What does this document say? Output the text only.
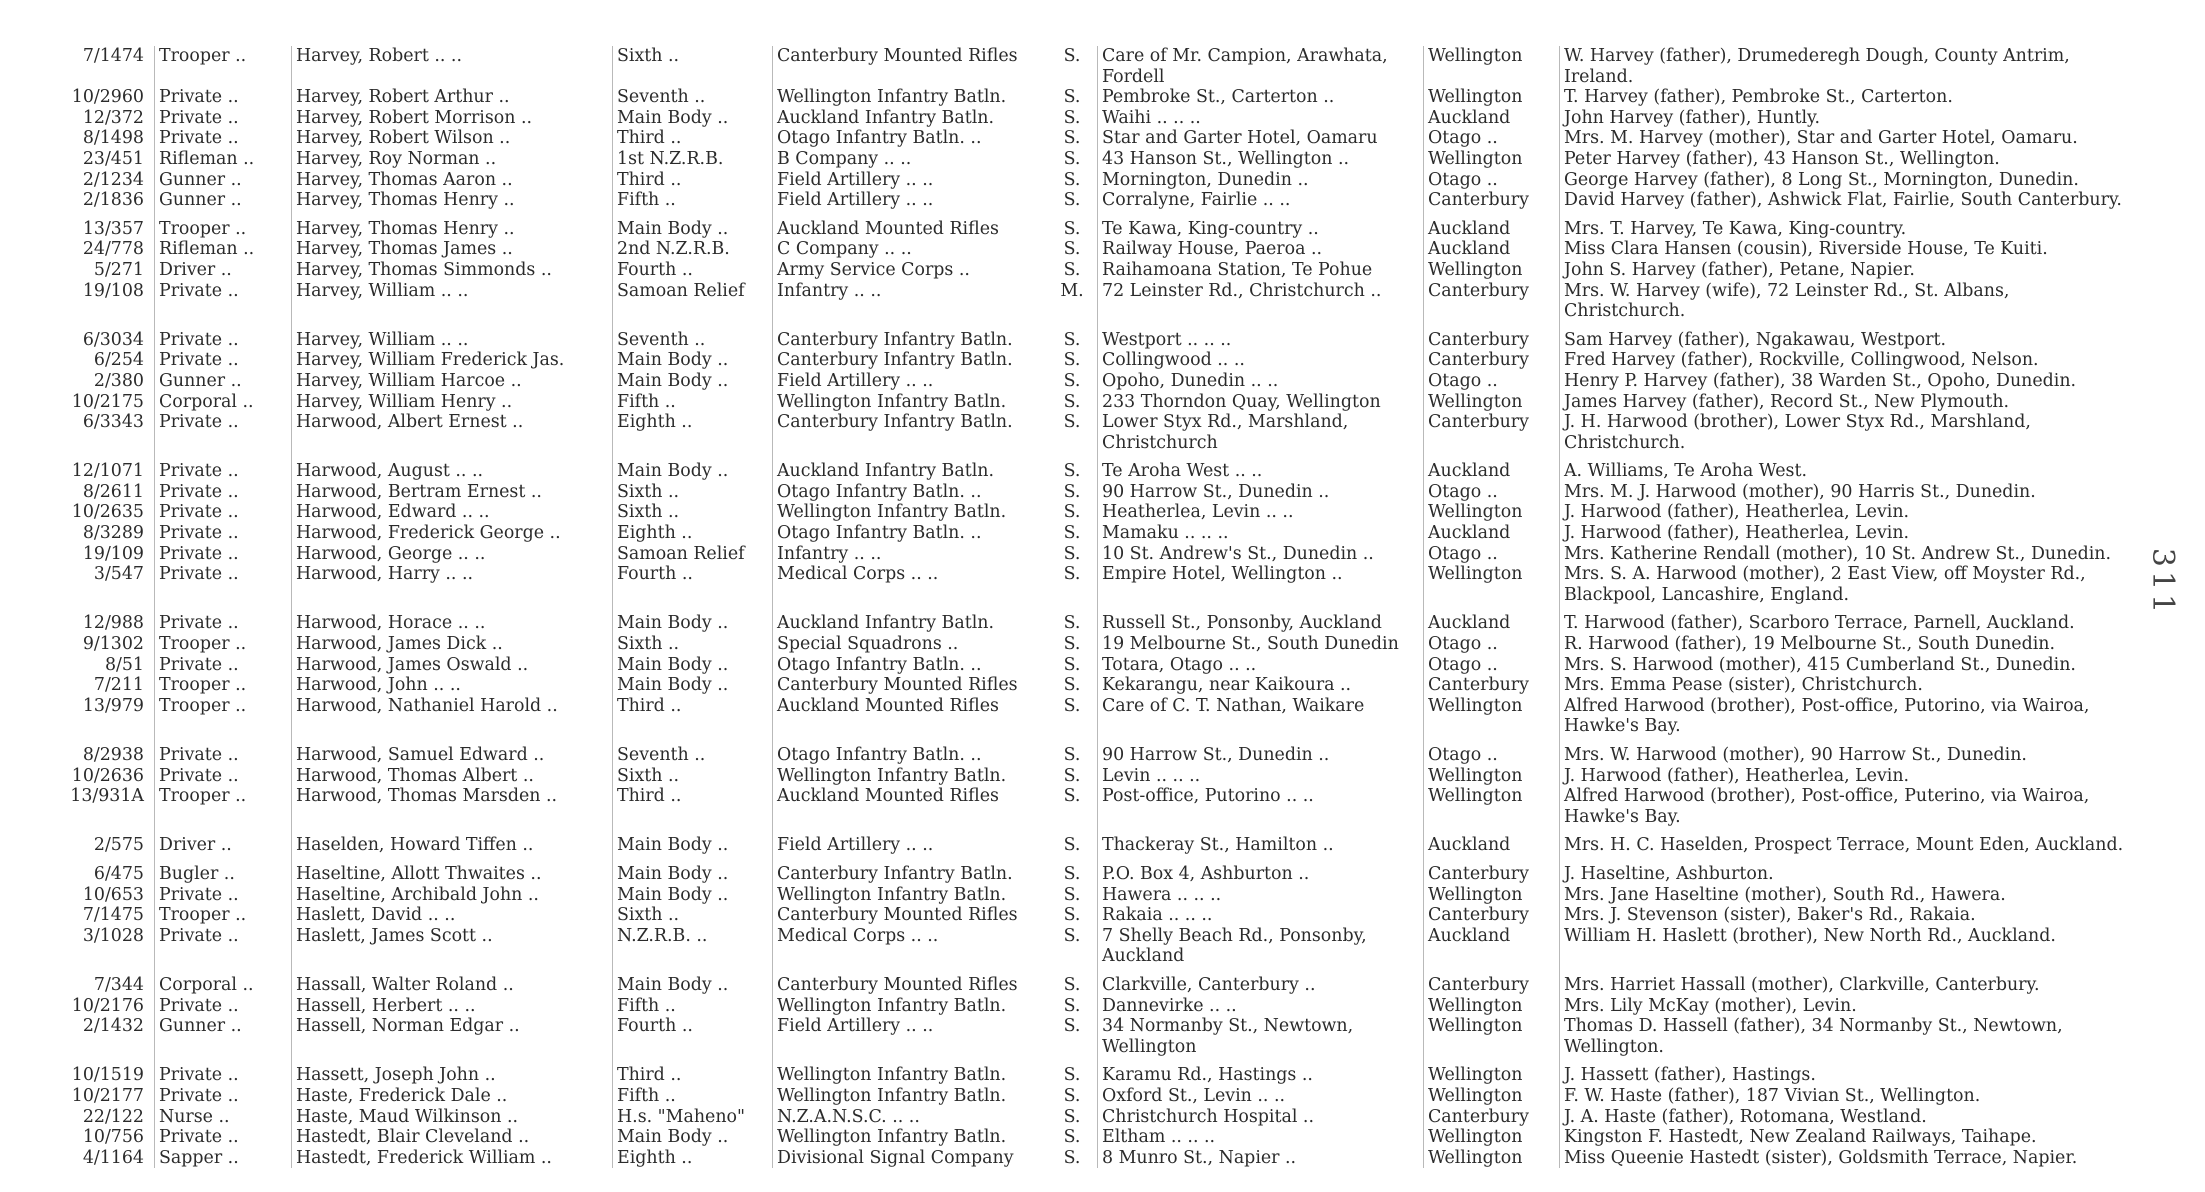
7/1474	Trooper ..	Harvey, Robert .. ..	Sixth ..	Canterbury Mounted Rifles	S.	Care of Mr. Campion, Arawhata, Fordell	Wellington	W. Harvey (father), Drumederegh Dough, County Antrim, Ireland.
10/2960	Private ..	Harvey, Robert Arthur ..	Seventh ..	Wellington Infantry Batln.	S.	Pembroke St., Carterton ..	Wellington	T. Harvey (father), Pembroke St., Carterton.
12/372	Private ..	Harvey, Robert Morrison ..	Main Body ..	Auckland Infantry Batln.	S.	Waihi .. .. ..	Auckland	John Harvey (father), Huntly.
8/1498	Private ..	Harvey, Robert Wilson ..	Third ..	Otago Infantry Batln. ..	S.	Star and Garter Hotel, Oamaru	Otago ..	Mrs. M. Harvey (mother), Star and Garter Hotel, Oamaru.
23/451	Rifleman ..	Harvey, Roy Norman ..	1st N.Z.R.B.	B Company .. ..	S.	43 Hanson St., Wellington ..	Wellington	Peter Harvey (father), 43 Hanson St., Wellington.
2/1234	Gunner ..	Harvey, Thomas Aaron ..	Third ..	Field Artillery .. ..	S.	Mornington, Dunedin ..	Otago ..	George Harvey (father), 8 Long St., Mornington, Dunedin.
2/1836	Gunner ..	Harvey, Thomas Henry ..	Fifth ..	Field Artillery .. ..	S.	Corralyne, Fairlie .. ..	Canterbury	David Harvey (father), Ashwick Flat, Fairlie, South Canterbury.
13/357	Trooper ..	Harvey, Thomas Henry ..	Main Body ..	Auckland Mounted Rifles	S.	Te Kawa, King-country ..	Auckland	Mrs. T. Harvey, Te Kawa, King-country.
24/778	Rifleman ..	Harvey, Thomas James ..	2nd N.Z.R.B.	C Company .. ..	S.	Railway House, Paeroa ..	Auckland	Miss Clara Hansen (cousin), Riverside House, Te Kuiti.
5/271	Driver ..	Harvey, Thomas Simmonds ..	Fourth ..	Army Service Corps ..	S.	Raihamoana Station, Te Pohue	Wellington	John S. Harvey (father), Petane, Napier.
19/108	Private ..	Harvey, William .. ..	Samoan Relief	Infantry .. ..	M.	72 Leinster Rd., Christchurch ..	Canterbury	Mrs. W. Harvey (wife), 72 Leinster Rd., St. Albans, Christchurch.
6/3034	Private ..	Harvey, William .. ..	Seventh ..	Canterbury Infantry Batln.	S.	Westport .. .. ..	Canterbury	Sam Harvey (father), Ngakawau, Westport.
6/254	Private ..	Harvey, William Frederick Jas.	Main Body ..	Canterbury Infantry Batln.	S.	Collingwood .. ..	Canterbury	Fred Harvey (father), Rockville, Collingwood, Nelson.
2/380	Gunner ..	Harvey, William Harcoe ..	Main Body ..	Field Artillery .. ..	S.	Opoho, Dunedin .. ..	Otago ..	Henry P. Harvey (father), 38 Warden St., Opoho, Dunedin.
10/2175	Corporal ..	Harvey, William Henry ..	Fifth ..	Wellington Infantry Batln.	S.	233 Thorndon Quay, Wellington	Wellington	James Harvey (father), Record St., New Plymouth.
6/3343	Private ..	Harwood, Albert Ernest ..	Eighth ..	Canterbury Infantry Batln.	S.	Lower Styx Rd., Marshland, Christchurch	Canterbury	J. H. Harwood (brother), Lower Styx Rd., Marshland, Christchurch.
12/1071	Private ..	Harwood, August .. ..	Main Body ..	Auckland Infantry Batln.	S.	Te Aroha West .. ..	Auckland	A. Williams, Te Aroha West.
8/2611	Private ..	Harwood, Bertram Ernest ..	Sixth ..	Otago Infantry Batln. ..	S.	90 Harrow St., Dunedin ..	Otago ..	Mrs. M. J. Harwood (mother), 90 Harris St., Dunedin.
10/2635	Private ..	Harwood, Edward .. ..	Sixth ..	Wellington Infantry Batln.	S.	Heatherlea, Levin .. ..	Wellington	J. Harwood (father), Heatherlea, Levin.
8/3289	Private ..	Harwood, Frederick George ..	Eighth ..	Otago Infantry Batln. ..	S.	Mamaku .. .. ..	Auckland	J. Harwood (father), Heatherlea, Levin.
19/109	Private ..	Harwood, George .. ..	Samoan Relief	Infantry .. ..	S.	10 St. Andrew's St., Dunedin ..	Otago ..	Mrs. Katherine Rendall (mother), 10 St. Andrew St., Dunedin.
3/547	Private ..	Harwood, Harry .. ..	Fourth ..	Medical Corps .. ..	S.	Empire Hotel, Wellington ..	Wellington	Mrs. S. A. Harwood (mother), 2 East View, off Moyster Rd., Blackpool, Lancashire, England.
12/988	Private ..	Harwood, Horace .. ..	Main Body ..	Auckland Infantry Batln.	S.	Russell St., Ponsonby, Auckland	Auckland	T. Harwood (father), Scarboro Terrace, Parnell, Auckland.
9/1302	Trooper ..	Harwood, James Dick ..	Sixth ..	Special Squadrons ..	S.	19 Melbourne St., South Dunedin	Otago ..	R. Harwood (father), 19 Melbourne St., South Dunedin.
8/51	Private ..	Harwood, James Oswald ..	Main Body ..	Otago Infantry Batln. ..	S.	Totara, Otago .. ..	Otago ..	Mrs. S. Harwood (mother), 415 Cumberland St., Dunedin.
7/211	Trooper ..	Harwood, John .. ..	Main Body ..	Canterbury Mounted Rifles	S.	Kekarangu, near Kaikoura ..	Canterbury	Mrs. Emma Pease (sister), Christchurch.
13/979	Trooper ..	Harwood, Nathaniel Harold ..	Third ..	Auckland Mounted Rifles	S.	Care of C. T. Nathan, Waikare	Wellington	Alfred Harwood (brother), Post-office, Putorino, via Wairoa, Hawke's Bay.
8/2938	Private ..	Harwood, Samuel Edward ..	Seventh ..	Otago Infantry Batln. ..	S.	90 Harrow St., Dunedin ..	Otago ..	Mrs. W. Harwood (mother), 90 Harrow St., Dunedin.
10/2636	Private ..	Harwood, Thomas Albert ..	Sixth ..	Wellington Infantry Batln.	S.	Levin .. .. ..	Wellington	J. Harwood (father), Heatherlea, Levin.
13/931A	Trooper ..	Harwood, Thomas Marsden ..	Third ..	Auckland Mounted Rifles	S.	Post-office, Putorino .. ..	Wellington	Alfred Harwood (brother), Post-office, Puterino, via Wairoa, Hawke's Bay.
2/575	Driver ..	Haselden, Howard Tiffen ..	Main Body ..	Field Artillery .. ..	S.	Thackeray St., Hamilton ..	Auckland	Mrs. H. C. Haselden, Prospect Terrace, Mount Eden, Auckland.
6/475	Bugler ..	Haseltine, Allott Thwaites ..	Main Body ..	Canterbury Infantry Batln.	S.	P.O. Box 4, Ashburton ..	Canterbury	J. Haseltine, Ashburton.
10/653	Private ..	Haseltine, Archibald John ..	Main Body ..	Wellington Infantry Batln.	S.	Hawera .. .. ..	Wellington	Mrs. Jane Haseltine (mother), South Rd., Hawera.
7/1475	Trooper ..	Haslett, David .. ..	Sixth ..	Canterbury Mounted Rifles	S.	Rakaia .. .. ..	Canterbury	Mrs. J. Stevenson (sister), Baker's Rd., Rakaia.
3/1028	Private ..	Haslett, James Scott ..	N.Z.R.B. ..	Medical Corps .. ..	S.	7 Shelly Beach Rd., Ponsonby, Auckland	Auckland	William H. Haslett (brother), New North Rd., Auckland.
7/344	Corporal ..	Hassall, Walter Roland ..	Main Body ..	Canterbury Mounted Rifles	S.	Clarkville, Canterbury ..	Canterbury	Mrs. Harriet Hassall (mother), Clarkville, Canterbury.
10/2176	Private ..	Hassell, Herbert .. ..	Fifth ..	Wellington Infantry Batln.	S.	Dannevirke .. ..	Wellington	Mrs. Lily McKay (mother), Levin.
2/1432	Gunner ..	Hassell, Norman Edgar ..	Fourth ..	Field Artillery .. ..	S.	34 Normanby St., Newtown, Wellington	Wellington	Thomas D. Hassell (father), 34 Normanby St., Newtown, Wellington.
10/1519	Private ..	Hassett, Joseph John ..	Third ..	Wellington Infantry Batln.	S.	Karamu Rd., Hastings ..	Wellington	J. Hassett (father), Hastings.
10/2177	Private ..	Haste, Frederick Dale ..	Fifth ..	Wellington Infantry Batln.	S.	Oxford St., Levin .. ..	Wellington	F. W. Haste (father), 187 Vivian St., Wellington.
22/122	Nurse ..	Haste, Maud Wilkinson ..	H.s. "Maheno"	N.Z.A.N.S.C. .. ..	S.	Christchurch Hospital ..	Canterbury	J. A. Haste (father), Rotomana, Westland.
10/756	Private ..	Hastedt, Blair Cleveland ..	Main Body ..	Wellington Infantry Batln.	S.	Eltham .. .. ..	Wellington	Kingston F. Hastedt, New Zealand Railways, Taihape.
4/1164	Sapper ..	Hastedt, Frederick William ..	Eighth ..	Divisional Signal Company	S.	8 Munro St., Napier ..	Wellington	Miss Queenie Hastedt (sister), Goldsmith Terrace, Napier.
311
